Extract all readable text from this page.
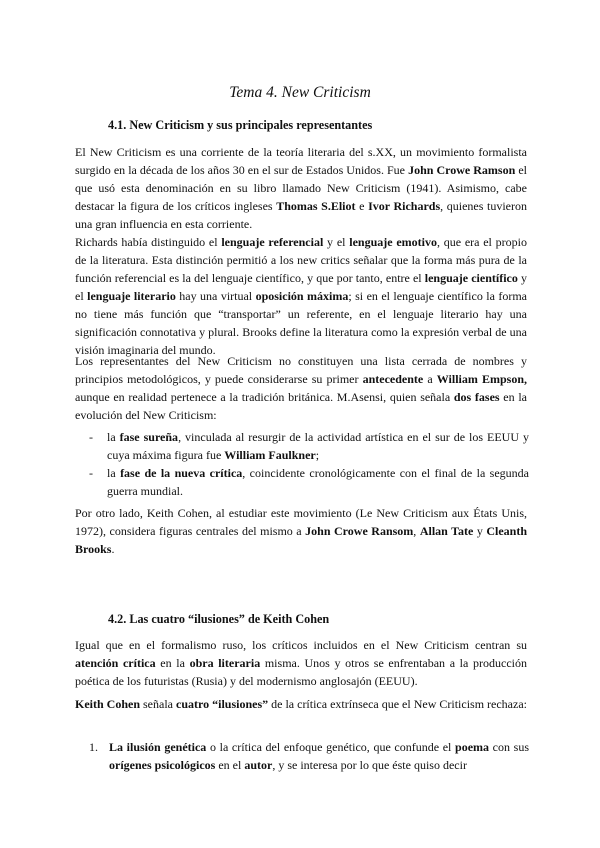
Tema 4. New Criticism
4.1. New Criticism y sus principales representantes

El New Criticism es una corriente de la teoría literaria del s.XX, un movimiento formalista surgido en la década de los años 30 en el sur de Estados Unidos. Fue John Crowe Ramson el que usó esta denominación en su libro llamado New Criticism (1941). Asimismo, cabe destacar la figura de los críticos ingleses Thomas S.Eliot e Ivor Richards, quienes tuvieron una gran influencia en esta corriente.

Richards había distinguido el lenguaje referencial y el lenguaje emotivo, que era el propio de la literatura. Esta distinción permitió a los new critics señalar que la forma más pura de la función referencial es la del lenguaje científico, y que por tanto, entre el lenguaje científico y el lenguaje literario hay una virtual oposición máxima; si en el lenguaje científico la forma no tiene más función que “transportar” un referente, en el lenguaje literario hay una significación connotativa y plural. Brooks define la literatura como la expresión verbal de una visión imaginaria del mundo.

Los representantes del New Criticism no constituyen una lista cerrada de nombres y principios metodológicos, y puede considerarse su primer antecedente a William Empson, aunque en realidad pertenece a la tradición británica. M.Asensi, quien señala dos fases en la evolución del New Criticism:

-	la fase sureña, vinculada al resurgir de la actividad artística en el sur de los EEUU y cuya máxima figura fue William Faulkner;
-	la fase de la nueva crítica, coincidente cronológicamente con el final de la segunda guerra mundial.

Por otro lado, Keith Cohen, al estudiar este movimiento (Le New Criticism aux États Unis, 1972), considera figuras centrales del mismo a John Crowe Ransom, Allan Tate y Cleanth Brooks.

4.2. Las cuatro “ilusiones” de Keith Cohen

Igual que en el formalismo ruso, los críticos incluidos en el New Criticism centran su atención crítica en la obra literaria misma. Unos y otros se enfrentaban a la producción poética de los futuristas (Rusia) y del modernismo anglosajón (EEUU).

Keith Cohen señala cuatro “ilusiones” de la crítica extrínseca que el New Criticism rechaza:

1. La ilusión genética o la crítica del enfoque genético, que confunde el poema con sus orígenes psicológicos en el autor, y se interesa por lo que éste quiso decir
